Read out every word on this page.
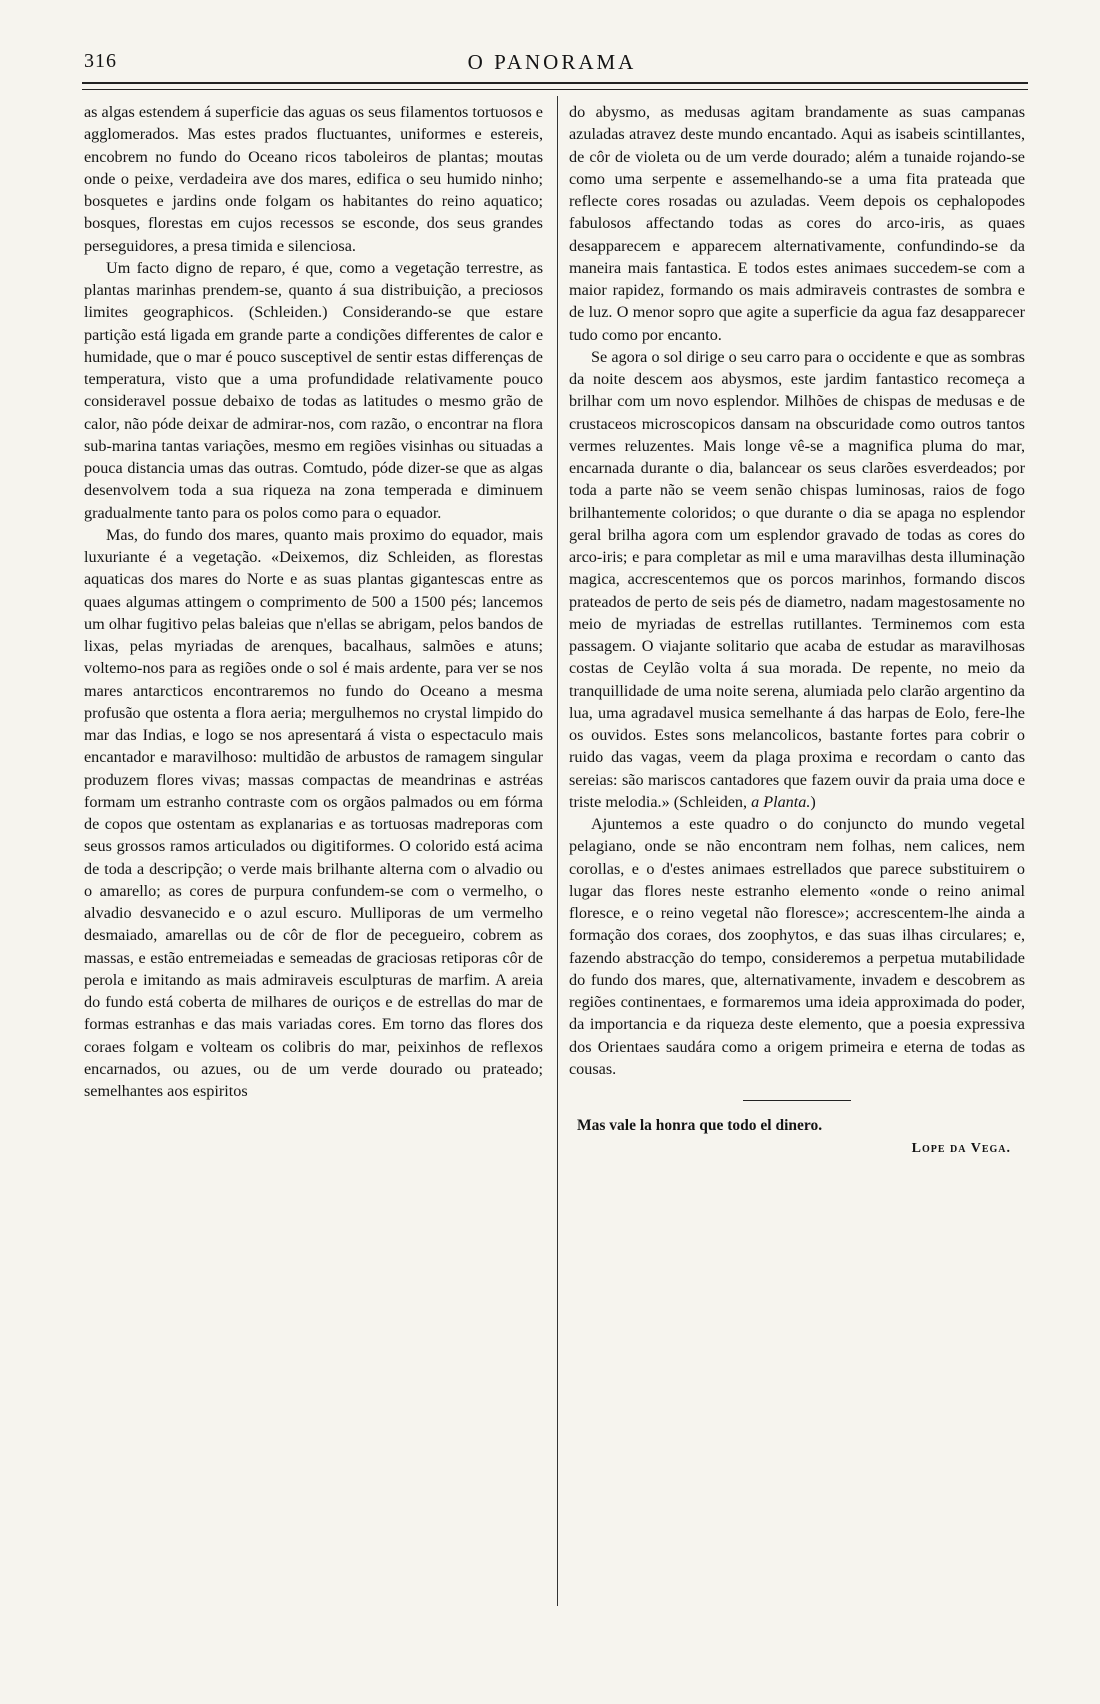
316	O PANORAMA

as algas estendem á superficie das aguas os seus filamentos tortuosos e agglomerados. Mas estes prados fluctuantes, uniformes e estereis, encobrem no fundo do Oceano ricos taboleiros de plantas; moutas onde o peixe, verdadeira ave dos mares, edifica o seu humido ninho; bosquetes e jardins onde folgam os habitantes do reino aquatico; bosques, florestas em cujos recessos se esconde, dos seus grandes perseguidores, a presa timida e silenciosa.

Um facto digno de reparo, é que, como a vegetação terrestre, as plantas marinhas prendem-se, quanto á sua distribuição, a preciosos limites geographicos. (Schleiden.) Considerando-se que estare partição está ligada em grande parte a condições differentes de calor e humidade, que o mar é pouco susceptivel de sentir estas differenças de temperatura, visto que a uma profundidade relativamente pouco consideravel possue debaixo de todas as latitudes o mesmo grão de calor, não póde deixar de admirar-nos, com razão, o encontrar na flora sub-marina tantas variações, mesmo em regiões visinhas ou situadas a pouca distancia umas das outras. Comtudo, póde dizer-se que as algas desenvolvem toda a sua riqueza na zona temperada e diminuem gradualmente tanto para os polos como para o equador.

Mas, do fundo dos mares, quanto mais proximo do equador, mais luxuriante é a vegetação. «Deixemos, diz Schleiden, as florestas aquaticas dos mares do Norte e as suas plantas gigantescas entre as quaes algumas attingem o comprimento de 500 a 1500 pés; lancemos um olhar fugitivo pelas baleias que n'ellas se abrigam, pelos bandos de lixas, pelas myriadas de arenques, bacalhaus, salmões e atuns; voltemo-nos para as regiões onde o sol é mais ardente, para ver se nos mares antarcticos encontraremos no fundo do Oceano a mesma profusão que ostenta a flora aeria; mergulhemos no crystal limpido do mar das Indias, e logo se nos apresentará á vista o espectaculo mais encantador e maravilhoso: multidão de arbustos de ramagem singular produzem flores vivas; massas compactas de meandrinas e astréas formam um estranho contraste com os orgãos palmados ou em fórma de copos que ostentam as explanarias e as tortuosas madreporas com seus grossos ramos articulados ou digitiformes. O colorido está acima de toda a descripção; o verde mais brilhante alterna com o alvadio ou o amarello; as cores de purpura confundem-se com o vermelho, o alvadio desvanecido e o azul escuro. Mulliporas de um vermelho desmaiado, amarellas ou de côr de flor de pecegueiro, cobrem as massas, e estão entremeiadas e semeadas de graciosas retiporas côr de perola e imitando as mais admiraveis esculpturas de marfim. A areia do fundo está coberta de milhares de ouriços e de estrellas do mar de formas estranhas e das mais variadas cores. Em torno das flores dos coraes folgam e volteam os colibris do mar, peixinhos de reflexos encarnados, ou azues, ou de um verde dourado ou prateado; semelhantes aos espiritos

do abysmo, as medusas agitam brandamente as suas campanas azuladas atravez deste mundo encantado. Aqui as isabeis scintillantes, de côr de violeta ou de um verde dourado; além a tunaide rojando-se como uma serpente e assemelhando-se a uma fita prateada que reflecte cores rosadas ou azuladas. Veem depois os cephalopodes fabulosos affectando todas as cores do arco-iris, as quaes desapparecem e apparecem alternativamente, confundindo-se da maneira mais fantastica. E todos estes animaes succedem-se com a maior rapidez, formando os mais admiraveis contrastes de sombra e de luz. O menor sopro que agite a superficie da agua faz desapparecer tudo como por encanto.

Se agora o sol dirige o seu carro para o occidente e que as sombras da noite descem aos abysmos, este jardim fantastico recomeça a brilhar com um novo esplendor. Milhões de chispas de medusas e de crustaceos microscopicos dansam na obscuridade como outros tantos vermes reluzentes. Mais longe vê-se a magnifica pluma do mar, encarnada durante o dia, balancear os seus clarões esverdeados; por toda a parte não se veem senão chispas luminosas, raios de fogo brilhantemente coloridos; o que durante o dia se apaga no esplendor geral brilha agora com um esplendor gravado de todas as cores do arco-iris; e para completar as mil e uma maravilhas desta illuminação magica, accrescentemos que os porcos marinhos, formando discos prateados de perto de seis pés de diametro, nadam magestosamente no meio de myriadas de estrellas rutillantes. Terminemos com esta passagem. O viajante solitario que acaba de estudar as maravilhosas costas de Ceylão volta á sua morada. De repente, no meio da tranquillidade de uma noite serena, alumiada pelo clarão argentino da lua, uma agradavel musica semelhante á das harpas de Eolo, fere-lhe os ouvidos. Estes sons melancolicos, bastante fortes para cobrir o ruido das vagas, veem da plaga proxima e recordam o canto das sereias: são mariscos cantadores que fazem ouvir da praia uma doce e triste melodia.» (Schleiden, a Planta.)

Ajuntemos a este quadro o do conjuncto do mundo vegetal pelagiano, onde se não encontram nem folhas, nem calices, nem corollas, e o d'estes animaes estrellados que parece substituirem o lugar das flores neste estranho elemento «onde o reino animal floresce, e o reino vegetal não floresce»; accrescentem-lhe ainda a formação dos coraes, dos zoophytos, e das suas ilhas circulares; e, fazendo abstracção do tempo, consideremos a perpetua mutabilidade do fundo dos mares, que, alternativamente, invadem e descobrem as regiões continentaes, e formaremos uma ideia approximada do poder, da importancia e da riqueza deste elemento, que a poesia expressiva dos Orientaes saudára como a origem primeira e eterna de todas as cousas.

Mas vale la honra que todo el dinero.
Lope da Vega.
